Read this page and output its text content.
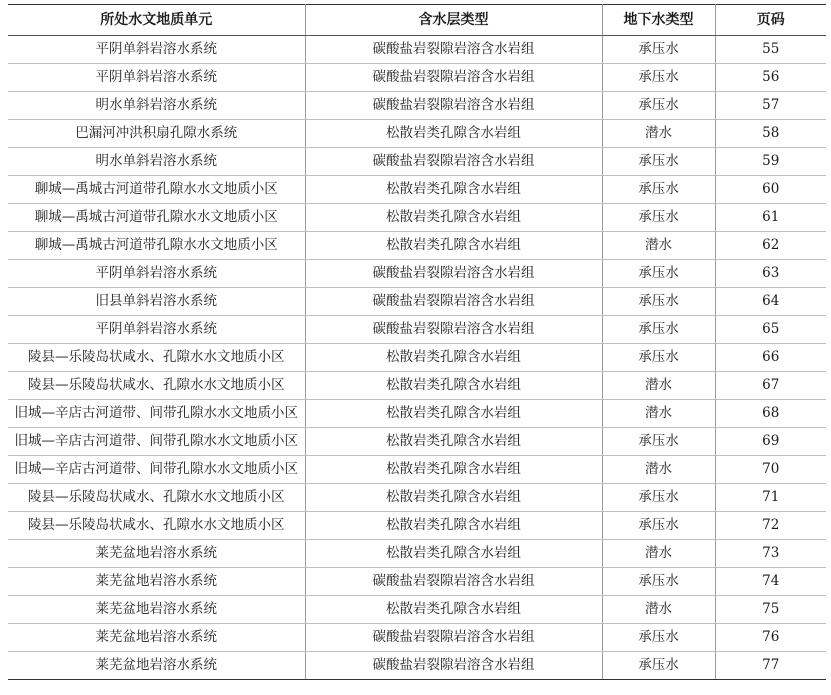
所处水文地质单元	含水层类型	地下水类型	页码
平阴单斜岩溶水系统	碳酸盐岩裂隙岩溶含水岩组	承压水	55
平阴单斜岩溶水系统	碳酸盐岩裂隙岩溶含水岩组	承压水	56
明水单斜岩溶水系统	碳酸盐岩裂隙岩溶含水岩组	承压水	57
巴漏河冲洪积扇孔隙水系统	松散岩类孔隙含水岩组	潜水	58
明水单斜岩溶水系统	碳酸盐岩裂隙岩溶含水岩组	承压水	59
聊城—禹城古河道带孔隙水水文地质小区	松散岩类孔隙含水岩组	承压水	60
聊城—禹城古河道带孔隙水水文地质小区	松散岩类孔隙含水岩组	承压水	61
聊城—禹城古河道带孔隙水水文地质小区	松散岩类孔隙含水岩组	潜水	62
平阴单斜岩溶水系统	碳酸盐岩裂隙岩溶含水岩组	承压水	63
旧县单斜岩溶水系统	碳酸盐岩裂隙岩溶含水岩组	承压水	64
平阴单斜岩溶水系统	碳酸盐岩裂隙岩溶含水岩组	承压水	65
陵县—乐陵岛状咸水、孔隙水水文地质小区	松散岩类孔隙含水岩组	承压水	66
陵县—乐陵岛状咸水、孔隙水水文地质小区	松散岩类孔隙含水岩组	潜水	67
旧城—辛店古河道带、间带孔隙水水文地质小区	松散岩类孔隙含水岩组	潜水	68
旧城—辛店古河道带、间带孔隙水水文地质小区	松散岩类孔隙含水岩组	承压水	69
旧城—辛店古河道带、间带孔隙水水文地质小区	松散岩类孔隙含水岩组	潜水	70
陵县—乐陵岛状咸水、孔隙水水文地质小区	松散岩类孔隙含水岩组	承压水	71
陵县—乐陵岛状咸水、孔隙水水文地质小区	松散岩类孔隙含水岩组	承压水	72
莱芜盆地岩溶水系统	松散岩类孔隙含水岩组	潜水	73
莱芜盆地岩溶水系统	碳酸盐岩裂隙岩溶含水岩组	承压水	74
莱芜盆地岩溶水系统	松散岩类孔隙含水岩组	潜水	75
莱芜盆地岩溶水系统	碳酸盐岩裂隙岩溶含水岩组	承压水	76
莱芜盆地岩溶水系统	碳酸盐岩裂隙岩溶含水岩组	承压水	77
